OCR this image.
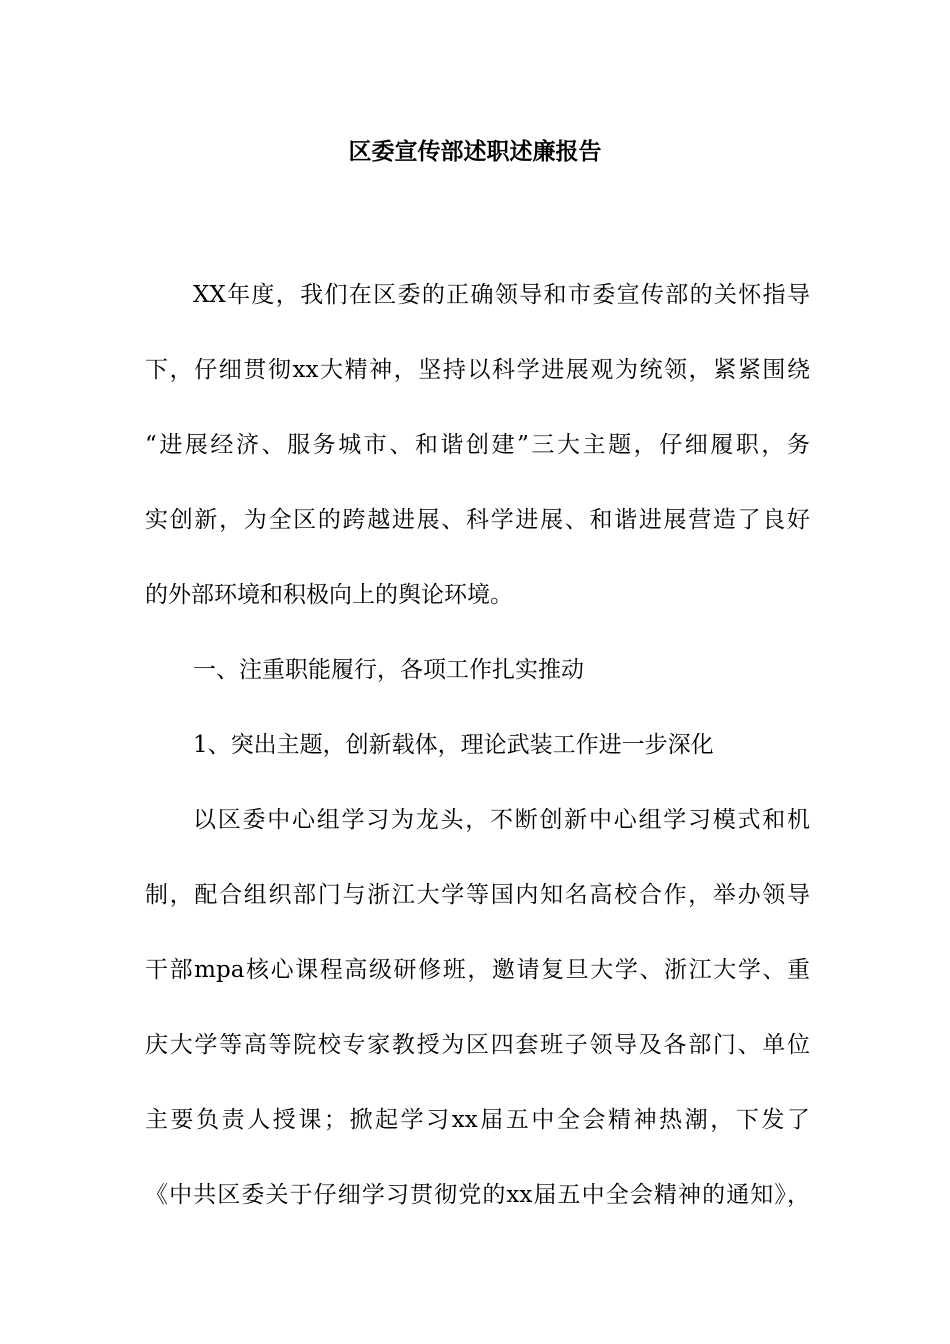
区委宣传部述职述廉报告
XX年度，我们在区委的正确领导和市委宣传部的关怀指导
下，仔细贯彻xx大精神，坚持以科学进展观为统领，紧紧围绕
“进展经济、服务城市、和谐创建”三大主题，仔细履职，务
实创新，为全区的跨越进展、科学进展、和谐进展营造了良好
的外部环境和积极向上的舆论环境。
一、注重职能履行，各项工作扎实推动
1、突出主题，创新载体，理论武装工作进一步深化
以区委中心组学习为龙头，不断创新中心组学习模式和机
制，配合组织部门与浙江大学等国内知名高校合作，举办领导
干部mpa核心课程高级研修班，邀请复旦大学、浙江大学、重
庆大学等高等院校专家教授为区四套班子领导及各部门、单位
主要负责人授课；掀起学习xx届五中全会精神热潮，下发了
《中共区委关于仔细学习贯彻党的xx届五中全会精神的通知》，
